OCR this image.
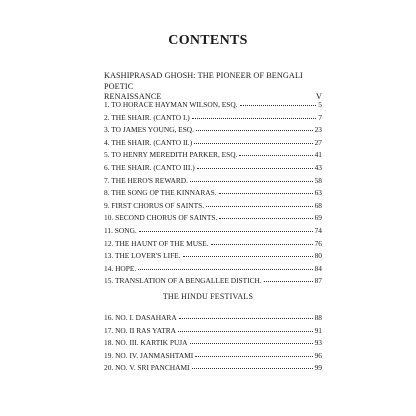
CONTENTS
KASHIPRASAD GHOSH: THE PIONEER OF BENGALI POETIC
RENAISSANCE	V
1. TO HORACE HAYMAN WILSON, ESQ.	5
2. THE SHAIR. (CANTO I.)	7
3. TO JAMES YOUNG, ESQ.	23
4. THE SHAIR. (CANTO II.)	27
5. TO HENRY MEREDITH PARKER, ESQ.	41
6. THE SHAIR. (CANTO III.)	43
7. THE HERO'S REWARD.	58
8. THE SONG OP THE KINNARAS.	63
9. FIRST CHORUS OF SAINTS.	68
10. SECOND CHORUS OF SAINTS.	69
11. SONG.	74
12. THE HAUNT OF THE MUSE.	76
13. THE LOVER'S LIFE.	80
14. HOPE.	84
15. TRANSLATION OF A BENGALLEE DISTICH.	87
THE HINDU FESTIVALS
16. NO. I. DASAHARA	88
17. NO. II RAS YATRA	91
18. NO. III. KARTIK PUJA	93
19. NO. IV. JANMASHTAMI	96
20. NO. V. SRI PANCHAMI	99
